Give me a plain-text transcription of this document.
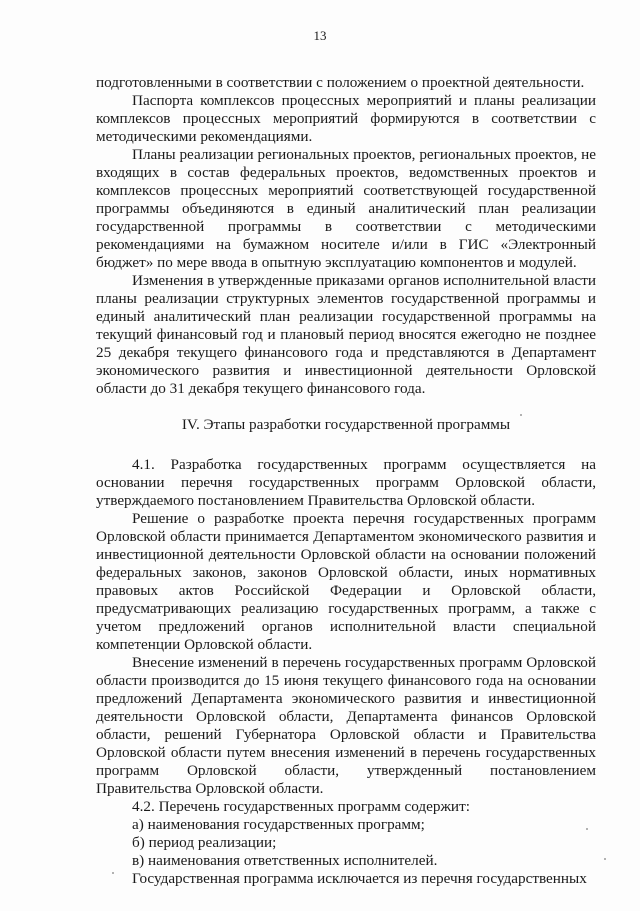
13

подготовленными в соответствии с положением о проектной деятельности.

Паспорта комплексов процессных мероприятий и планы реализации комплексов процессных мероприятий формируются в соответствии с методическими рекомендациями.

Планы реализации региональных проектов, региональных проектов, не входящих в состав федеральных проектов, ведомственных проектов и комплексов процессных мероприятий соответствующей государственной программы объединяются в единый аналитический план реализации государственной программы в соответствии с методическими рекомендациями на бумажном носителе и/или в ГИС «Электронный бюджет» по мере ввода в опытную эксплуатацию компонентов и модулей.

Изменения в утвержденные приказами органов исполнительной власти планы реализации структурных элементов государственной программы и единый аналитический план реализации государственной программы на текущий финансовый год и плановый период вносятся ежегодно не позднее 25 декабря текущего финансового года и представляются в Департамент экономического развития и инвестиционной деятельности Орловской области до 31 декабря текущего финансового года.

IV. Этапы разработки государственной программы

4.1. Разработка государственных программ осуществляется на основании перечня государственных программ Орловской области, утверждаемого постановлением Правительства Орловской области.

Решение о разработке проекта перечня государственных программ Орловской области принимается Департаментом экономического развития и инвестиционной деятельности Орловской области на основании положений федеральных законов, законов Орловской области, иных нормативных правовых актов Российской Федерации и Орловской области, предусматривающих реализацию государственных программ, а также с учетом предложений органов исполнительной власти специальной компетенции Орловской области.

Внесение изменений в перечень государственных программ Орловской области производится до 15 июня текущего финансового года на основании предложений Департамента экономического развития и инвестиционной деятельности Орловской области, Департамента финансов Орловской области, решений Губернатора Орловской области и Правительства Орловской области путем внесения изменений в перечень государственных программ Орловской области, утвержденный постановлением Правительства Орловской области.

4.2. Перечень государственных программ содержит:

а) наименования государственных программ;

б) период реализации;

в) наименования ответственных исполнителей.

Государственная программа исключается из перечня государственных
